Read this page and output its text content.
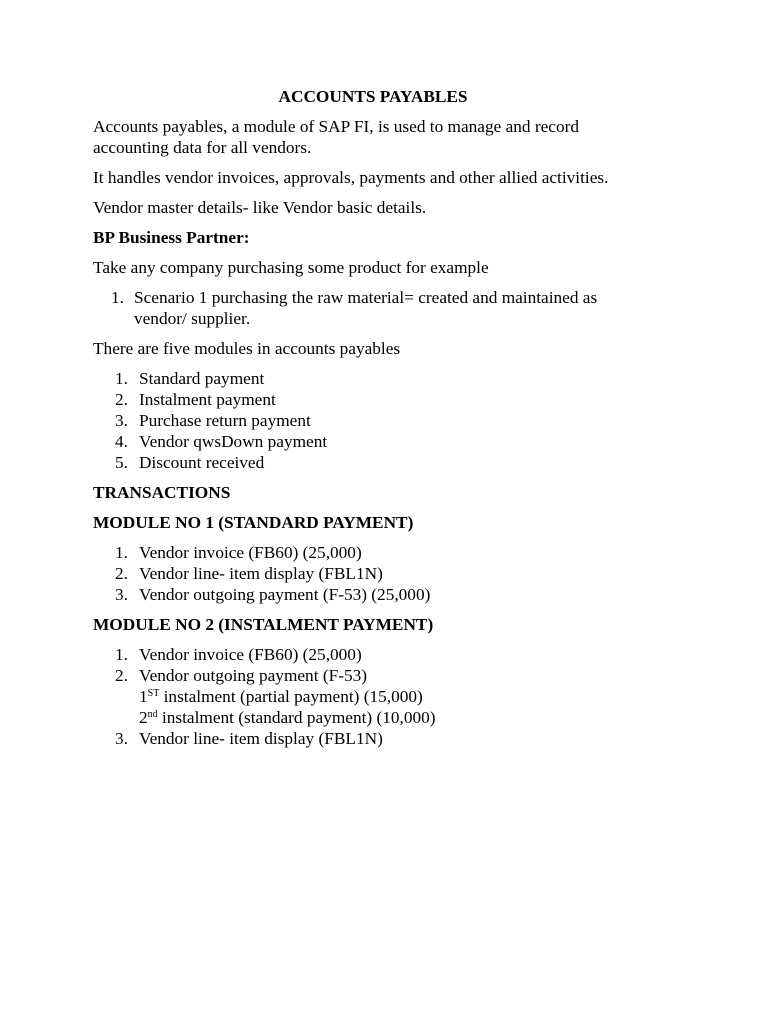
ACCOUNTS PAYABLES

Accounts payables, a module of SAP FI, is used to manage and record accounting data for all vendors.

It handles vendor invoices, approvals, payments and other allied activities.

Vendor master details- like Vendor basic details.

BP Business Partner:

Take any company purchasing some product for example

1. Scenario 1 purchasing the raw material= created and maintained as vendor/ supplier.

There are five modules in accounts payables

1. Standard payment
2. Instalment payment
3. Purchase return payment
4. Vendor qwsDown payment
5. Discount received

TRANSACTIONS

MODULE NO 1 (STANDARD PAYMENT)

1. Vendor invoice (FB60) (25,000)
2. Vendor line- item display (FBL1N)
3. Vendor outgoing payment (F-53) (25,000)

MODULE NO 2 (INSTALMENT PAYMENT)

1. Vendor invoice (FB60) (25,000)
2. Vendor outgoing payment (F-53)
1ST instalment (partial payment) (15,000)
2nd instalment (standard payment) (10,000)
3. Vendor line- item display (FBL1N)
